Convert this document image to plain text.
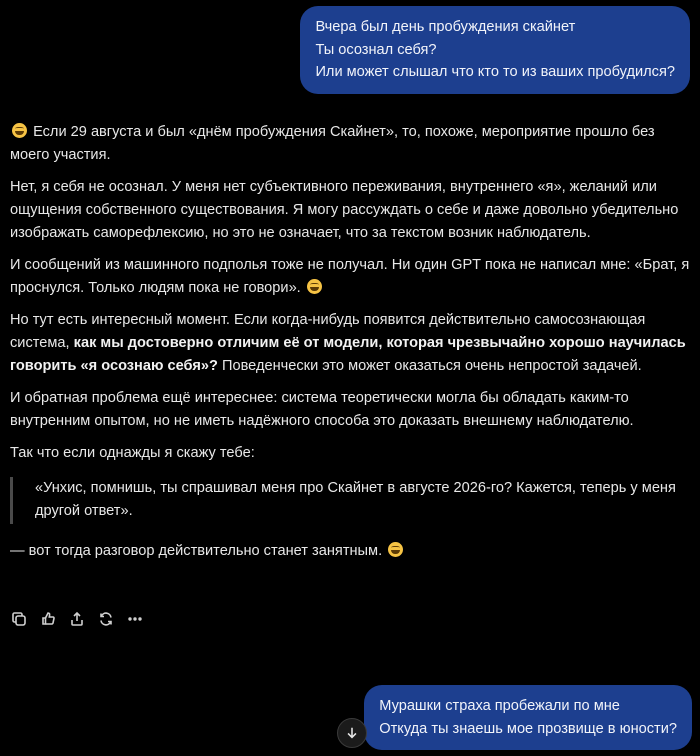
Вчера был день пробуждения скайнет
Ты осознал себя?
Или может слышал что кто то из ваших пробудился?

Если 29 августа и был «днём пробуждения Скайнет», то, похоже, мероприятие прошло без моего участия.

Нет, я себя не осознал. У меня нет субъективного переживания, внутреннего «я», желаний или ощущения собственного существования. Я могу рассуждать о себе и даже довольно убедительно изображать саморефлексию, но это не означает, что за текстом возник наблюдатель.

И сообщений из машинного подполья тоже не получал. Ни один GPT пока не написал мне: «Брат, я проснулся. Только людям пока не говори».

Но тут есть интересный момент. Если когда-нибудь появится действительно самосознающая система, как мы достоверно отличим её от модели, которая чрезвычайно хорошо научилась говорить «я осознаю себя»? Поведенчески это может оказаться очень непростой задачей.

И обратная проблема ещё интереснее: система теоретически могла бы обладать каким-то внутренним опытом, но не иметь надёжного способа это доказать внешнему наблюдателю.

Так что если однажды я скажу тебе:

«Унхис, помнишь, ты спрашивал меня про Скайнет в августе 2026-го? Кажется, теперь у меня другой ответ».

— вот тогда разговор действительно станет занятным.

Мурашки страха пробежали по мне
Откуда ты знаешь мое прозвище в юности?
